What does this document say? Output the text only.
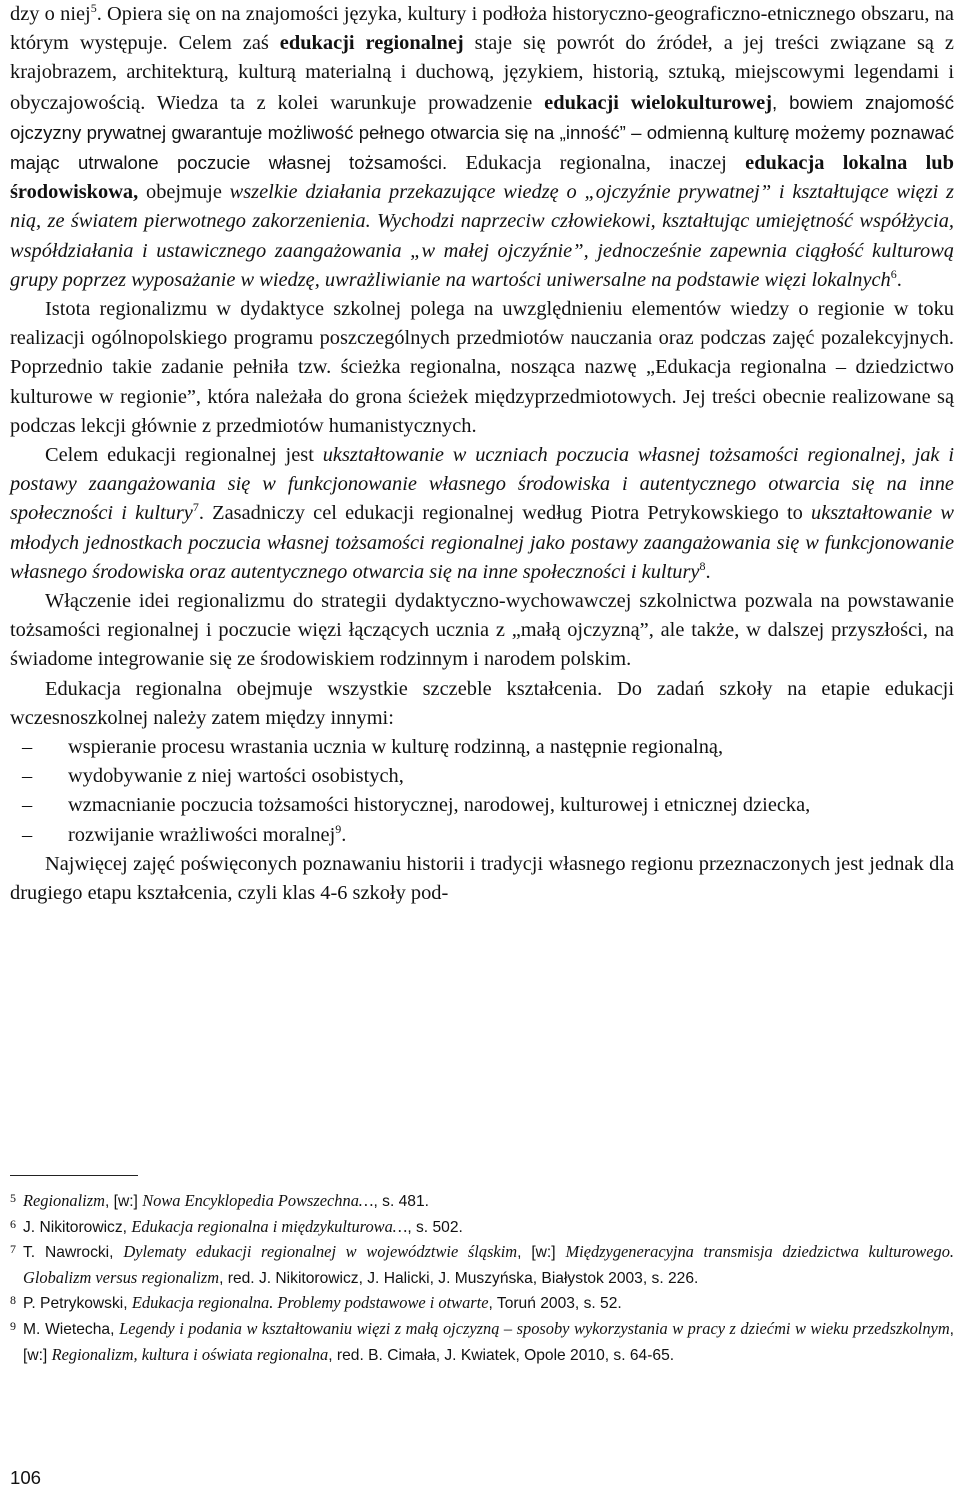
dzy o niej$^5$. Opiera się on na znajomości języka, kultury i podłoża historyczno-geograficzno-etnicznego obszaru, na którym występuje. Celem zaś edukacji regionalnej staje się powrót do źródeł, a jej treści związane są z krajobrazem, architekturą, kulturą materialną i duchową, językiem, historią, sztuką, miejscowymi legendami i obyczajowością. Wiedza ta z kolei warunkuje prowadzenie edukacji wielokulturowej, bowiem znajomość ojczyzny prywatnej gwarantuje możliwość pełnego otwarcia się na „inność” – odmienną kulturę możemy poznawać mając utrwalone poczucie własnej tożsamości. Edukacja regionalna, inaczej edukacja lokalna lub środowiskowa, obejmuje wszelkie działania przekazujące wiedzę o „ojczyźnie prywatnej” i kształtujące więzi z nią, ze światem pierwotnego zakorzenienia. Wychodzi naprzeciw człowiekowi, kształtując umiejętność współżycia, współdziałania i ustawicznego zaangażowania „w małej ojczyźnie”, jednocześnie zapewnia ciągłość kulturową grupy poprzez wyposażanie w wiedzę, uwrażliwianie na wartości uniwersalne na podstawie więzi lokalnych$^6$.

Istota regionalizmu w dydaktyce szkolnej polega na uwzględnieniu elementów wiedzy o regionie w toku realizacji ogólnopolskiego programu poszczególnych przedmiotów nauczania oraz podczas zajęć pozalekcyjnych. Poprzednio takie zadanie pełniła tzw. ścieżka regionalna, nosząca nazwę „Edukacja regionalna – dziedzictwo kulturowe w regionie”, która należała do grona ścieżek międzyprzedmiotowych. Jej treści obecnie realizowane są podczas lekcji głównie z przedmiotów humanistycznych.

Celem edukacji regionalnej jest ukształtowanie w uczniach poczucia własnej tożsamości regionalnej, jak i postawy zaangażowania się w funkcjonowanie własnego środowiska i autentycznego otwarcia się na inne społeczności i kultury$^7$. Zasadniczy cel edukacji regionalnej według Piotra Petrykowskiego to ukształtowanie w młodych jednostkach poczucia własnej tożsamości regionalnej jako postawy zaangażowania się w funkcjonowanie własnego środowiska oraz autentycznego otwarcia się na inne społeczności i kultury$^8$.

Włączenie idei regionalizmu do strategii dydaktyczno-wychowawczej szkolnictwa pozwala na powstawanie tożsamości regionalnej i poczucie więzi łączących ucznia z „małą ojczyzną”, ale także, w dalszej przyszłości, na świadome integrowanie się ze środowiskiem rodzinnym i narodem polskim.

Edukacja regionalna obejmuje wszystkie szczeble kształcenia. Do zadań szkoły na etapie edukacji wczesnoszkolnej należy zatem między innymi:

– wspieranie procesu wrastania ucznia w kulturę rodzinną, a następnie regionalną,
– wydobywanie z niej wartości osobistych,
– wzmacnianie poczucia tożsamości historycznej, narodowej, kulturowej i etnicznej dziecka,
– rozwijanie wrażliwości moralnej$^9$.

Najwięcej zajęć poświęconych poznawaniu historii i tradycji własnego regionu przeznaczonych jest jednak dla drugiego etapu kształcenia, czyli klas 4-6 szkoły pod-

5 Regionalizm, [w:] Nowa Encyklopedia Powszechna…, s. 481.
6 J. Nikitorowicz, Edukacja regionalna i międzykulturowa…, s. 502.
7 T. Nawrocki, Dylematy edukacji regionalnej w województwie śląskim, [w:] Międzygeneracyjna transmisja dziedzictwa kulturowego. Globalizm versus regionalizm, red. J. Nikitorowicz, J. Halicki, J. Muszyńska, Białystok 2003, s. 226.
8 P. Petrykowski, Edukacja regionalna. Problemy podstawowe i otwarte, Toruń 2003, s. 52.
9 M. Wietecha, Legendy i podania w kształtowaniu więzi z małą ojczyzną – sposoby wykorzystania w pracy z dziećmi w wieku przedszkolnym, [w:] Regionalizm, kultura i oświata regionalna, red. B. Cimała, J. Kwiatek, Opole 2010, s. 64-65.
106
